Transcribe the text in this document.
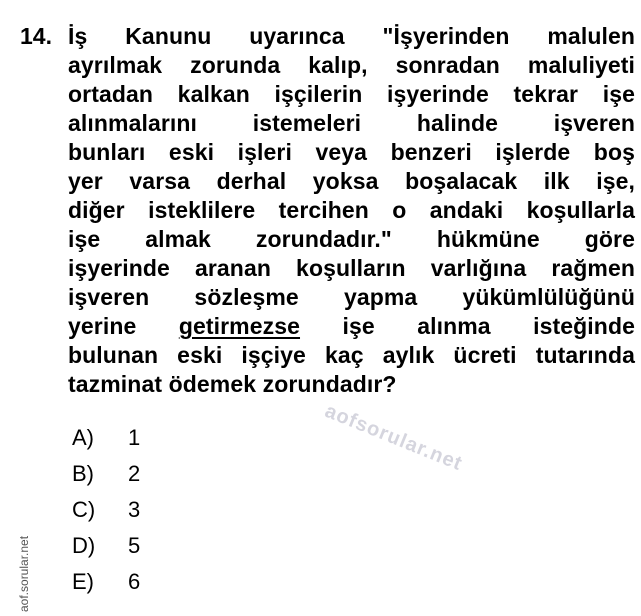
14. İş Kanunu uyarınca "İşyerinden malulen
ayrılmak zorunda kalıp, sonradan maluliyeti
ortadan kalkan işçilerin işyerinde tekrar işe
alınmalarını istemeleri halinde işveren
bunları eski işleri veya benzeri işlerde boş
yer varsa derhal yoksa boşalacak ilk işe,
diğer isteklilere tercihen o andaki koşullarla
işe almak zorundadır." hükmüne göre
işyerinde aranan koşulların varlığına rağmen
işveren sözleşme yapma yükümlülüğünü
yerine getirmezse işe alınma isteğinde
bulunan eski işçiye kaç aylık ücreti tutarında
tazminat ödemek zorundadır?
A)	1
B)	2
C)	3
D)	5
E)	6
aofsorular.net
aof.sorular.net
